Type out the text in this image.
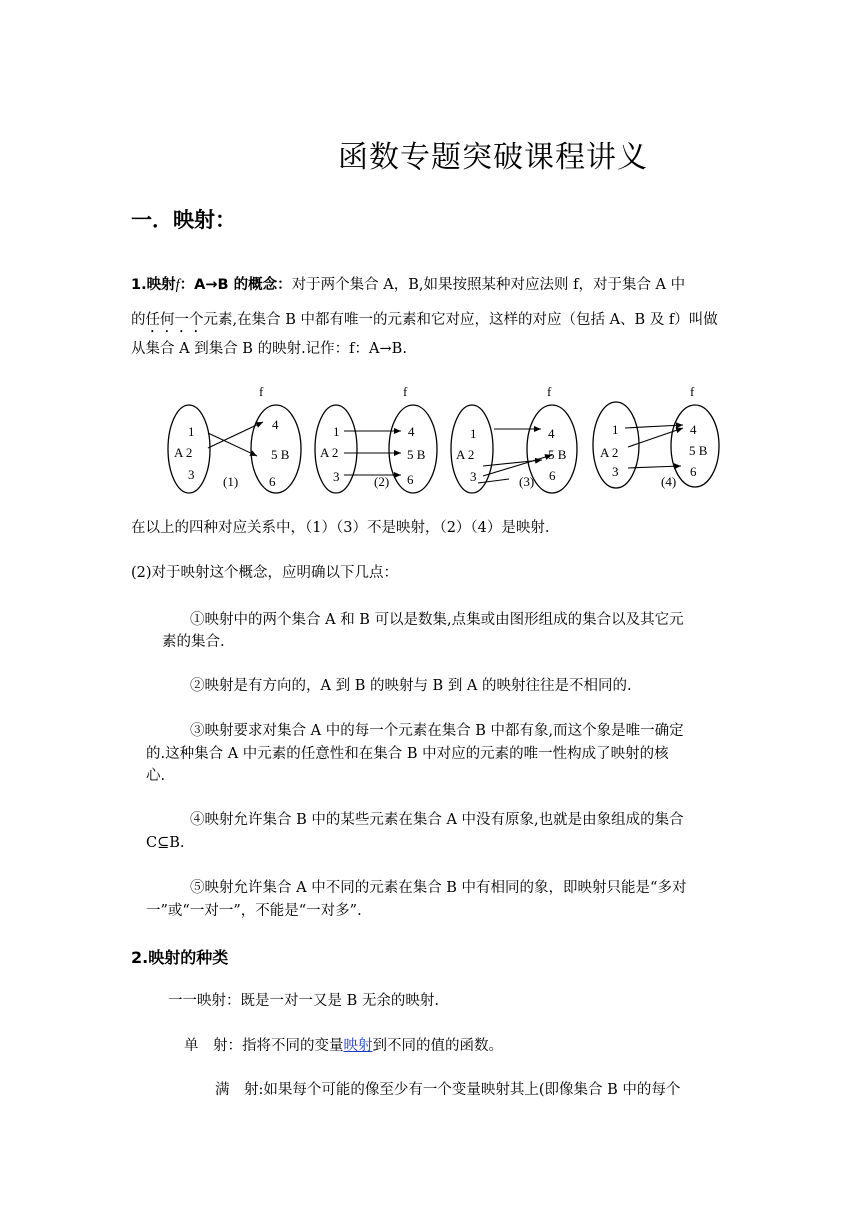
函数专题突破课程讲义
一．映射：
1.映射f：A→B 的概念：对于两个集合 A，B,如果按照某种对应法则 f，对于集合 A 中
的任何一个元素,在集合 B 中都有唯一的元素和它对应，这样的对应（包括 A、B 及 f）叫做
从集合 A 到集合 B 的映射.记作：f：A→B.
f
1
A 2
3
4
5 B
6
(1)
f
1
A 2
3
4
5 B
6
(2)
f
1
A 2
3
4
5 B
6
(3)
f
1
A 2
3
4
5 B
6
(4)
在以上的四种对应关系中，（1）（3）不是映射，（2）（4）是映射.
(2)对于映射这个概念，应明确以下几点：
①映射中的两个集合 A 和 B 可以是数集,点集或由图形组成的集合以及其它元
素的集合.
②映射是有方向的，A 到 B 的映射与 B 到 A 的映射往往是不相同的.
③映射要求对集合 A 中的每一个元素在集合 B 中都有象,而这个象是唯一确定
的.这种集合 A 中元素的任意性和在集合 B 中对应的元素的唯一性构成了映射的核
心.
④映射允许集合 B 中的某些元素在集合 A 中没有原象,也就是由象组成的集合
C⊆B.
⑤映射允许集合 A 中不同的元素在集合 B 中有相同的象，即映射只能是“多对
一”或“一对一”，不能是“一对多”.
2.映射的种类
一一映射：既是一对一又是 B 无余的映射.
单　射：指将不同的变量映射到不同的值的函数。
满　射:如果每个可能的像至少有一个变量映射其上(即像集合 B 中的每个
